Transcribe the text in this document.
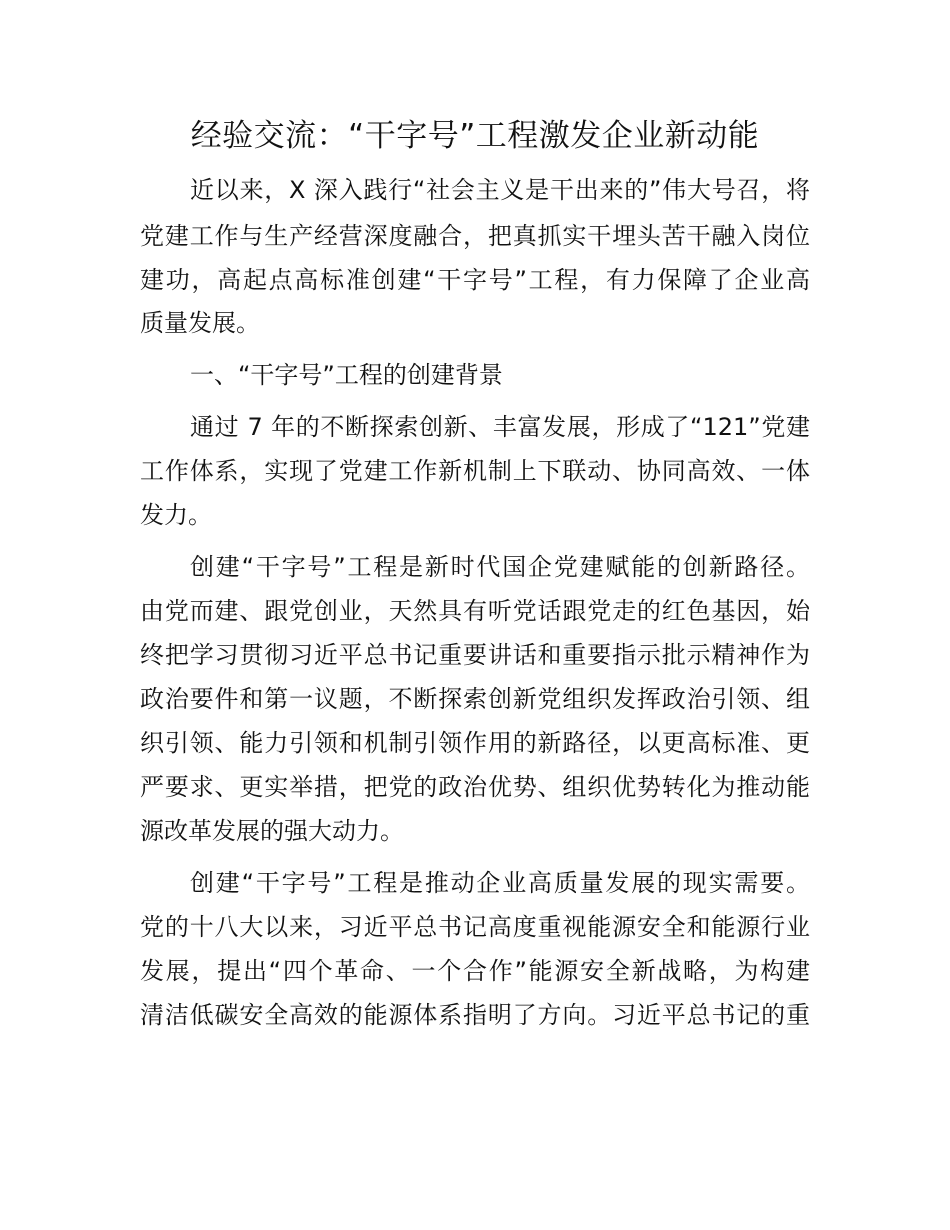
经验交流：“干字号”工程激发企业新动能

近以来，X 深入践行“社会主义是干出来的”伟大号召，将

党建工作与生产经营深度融合，把真抓实干埋头苦干融入岗位

建功，高起点高标准创建“干字号”工程，有力保障了企业高

质量发展。

一、“干字号”工程的创建背景

通过 7 年的不断探索创新、丰富发展，形成了“121”党建

工作体系，实现了党建工作新机制上下联动、协同高效、一体

发力。

创建“干字号”工程是新时代国企党建赋能的创新路径。

由党而建、跟党创业，天然具有听党话跟党走的红色基因，始

终把学习贯彻习近平总书记重要讲话和重要指示批示精神作为

政治要件和第一议题，不断探索创新党组织发挥政治引领、组

织引领、能力引领和机制引领作用的新路径，以更高标准、更

严要求、更实举措，把党的政治优势、组织优势转化为推动能

源改革发展的强大动力。

创建“干字号”工程是推动企业高质量发展的现实需要。

党的十八大以来，习近平总书记高度重视能源安全和能源行业

发展，提出“四个革命、一个合作”能源安全新战略，为构建

清洁低碳安全高效的能源体系指明了方向。习近平总书记的重
